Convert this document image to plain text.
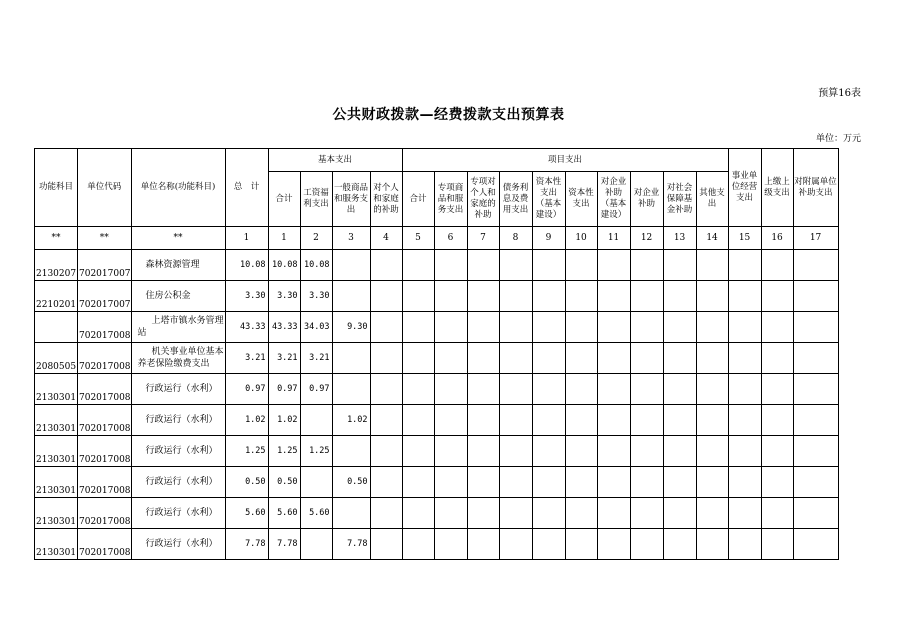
预算16表
公共财政拨款—经费拨款支出预算表
单位：万元
功能科目	单位代码	单位名称(功能科目)	总　计	基本支出				项目支出										事业单位经营支出	上缴上级支出	对附属单位补助支出
				合计	工资福利支出	一般商品和服务支出	对个人和家庭的补助	合计	专项商品和服务支出	专项对个人和家庭的补助	债务利息及费用支出	资本性支出（基本建设）	资本性支出	对企业补助（基本建设）	对企业补助	对社会保障基金补助	其他支出			
**	**	**	1	1	2	3	4	5	6	7	8	9	10	11	12	13	14	15	16	17
2130207	702017007	森林资源管理	10.08	10.08	10.08															
2210201	702017007	住房公积金	3.30	3.30	3.30															
	702017008	上塔市镇水务管理站	43.33	43.33	34.03	9.30														
2080505	702017008	机关事业单位基本养老保险缴费支出	3.21	3.21	3.21															
2130301	702017008	行政运行（水利）	0.97	0.97	0.97															
2130301	702017008	行政运行（水利）	1.02	1.02		1.02														
2130301	702017008	行政运行（水利）	1.25	1.25	1.25															
2130301	702017008	行政运行（水利）	0.50	0.50		0.50														
2130301	702017008	行政运行（水利）	5.60	5.60	5.60															
2130301	702017008	行政运行（水利）	7.78	7.78		7.78														
